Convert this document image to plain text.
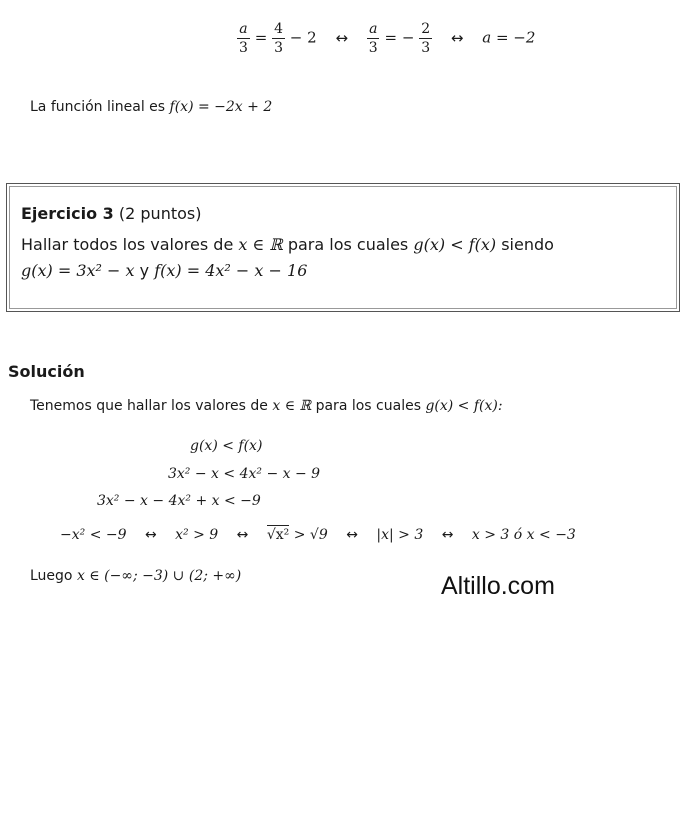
$\frac{a}{3} = \frac{4}{3} - 2$ ↔ $\frac{a}{3}$ = − $\frac{2}{3}$ ↔ a = −2
La función lineal es f(x) = −2x + 2
Ejercicio 3 (2 puntos)
Hallar todos los valores de x ∈ ℝ para los cuales g(x) < f(x) siendo
g(x) = 3x² − x y f(x) = 4x² − x − 16
Solución
Tenemos que hallar los valores de x ∈ ℝ para los cuales g(x) < f(x):
g(x) < f(x)
3x² − x < 4x² − x − 9
3x² − x − 4x² + x < −9
−x² < −9 ↔ x² > 9 ↔ √x² > √9 ↔ |x| > 3 ↔ x > 3 ó x < −3
Luego x ∈ (−∞; −3) ∪ (2; +∞)	Altillo.com
